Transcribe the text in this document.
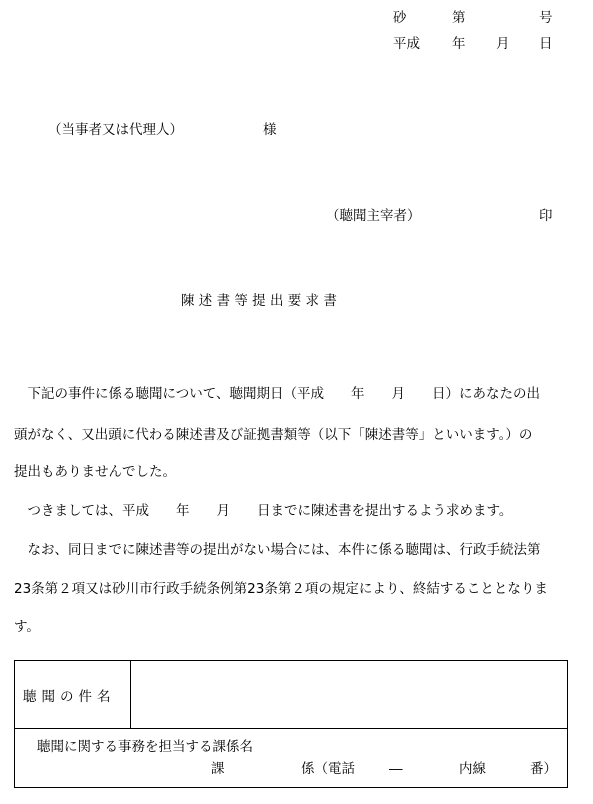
砂	第	号
平成 年 月 日
（当事者又は代理人）	様
（聴聞主宰者）	印
陳 述 書 等 提 出 要 求 書
　下記の事件に係る聴聞について、聴聞期日（平成　　年　　月　　日）にあなたの出
頭がなく、又出頭に代わる陳述書及び証拠書類等（以下「陳述書等」といいます。）の
提出もありませんでした。
　つきましては、平成　　年　　月　　日までに陳述書を提出するよう求めます。
　なお、同日までに陳述書等の提出がない場合には、本件に係る聴聞は、行政手続法第
23条第２項又は砂川市行政手続条例第23条第２項の規定により、終結することとなりま
す。
聴聞の件名
聴聞に関する事務を担当する課係名
課	係（電話	―	内線	番）
